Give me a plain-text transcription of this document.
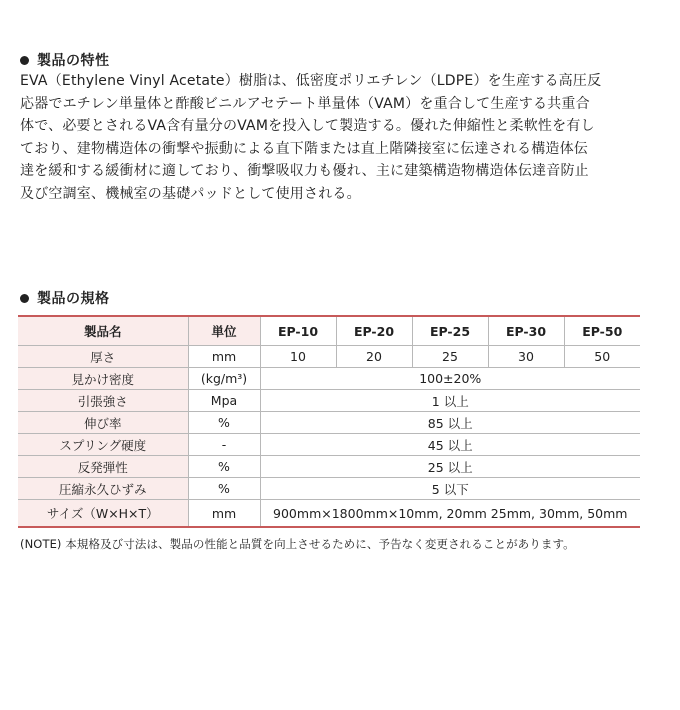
製品の特性
EVA（Ethylene Vinyl Acetate）樹脂は、低密度ポリエチレン（LDPE）を生産する高圧反
応器でエチレン単量体と酢酸ビニルアセテート単量体（VAM）を重合して生産する共重合
体で、必要とされるVA含有量分のVAMを投入して製造する。優れた伸縮性と柔軟性を有し
ており、建物構造体の衝撃や振動による直下階または直上階隣接室に伝達される構造体伝
達を緩和する緩衝材に適しており、衝撃吸収力も優れ、主に建築構造物構造体伝達音防止
及び空調室、機械室の基礎パッドとして使用される。
製品の規格
製品名	単位	EP-10	EP-20	EP-25	EP-30	EP-50
厚さ	mm	10	20	25	30	50
見かけ密度	(kg/m³)	100±20%				
引張強さ	Mpa	1 以上				
伸び率	%	85 以上				
スプリング硬度	-	45 以上				
反発弾性	%	25 以上				
圧縮永久ひずみ	%	5 以下				
サイズ（W×H×T）	mm	900mm×1800mm×10mm, 20mm 25mm, 30mm, 50mm				
(NOTE) 本規格及び寸法は、製品の性能と品質を向上させるために、予告なく変更されることがあります。
